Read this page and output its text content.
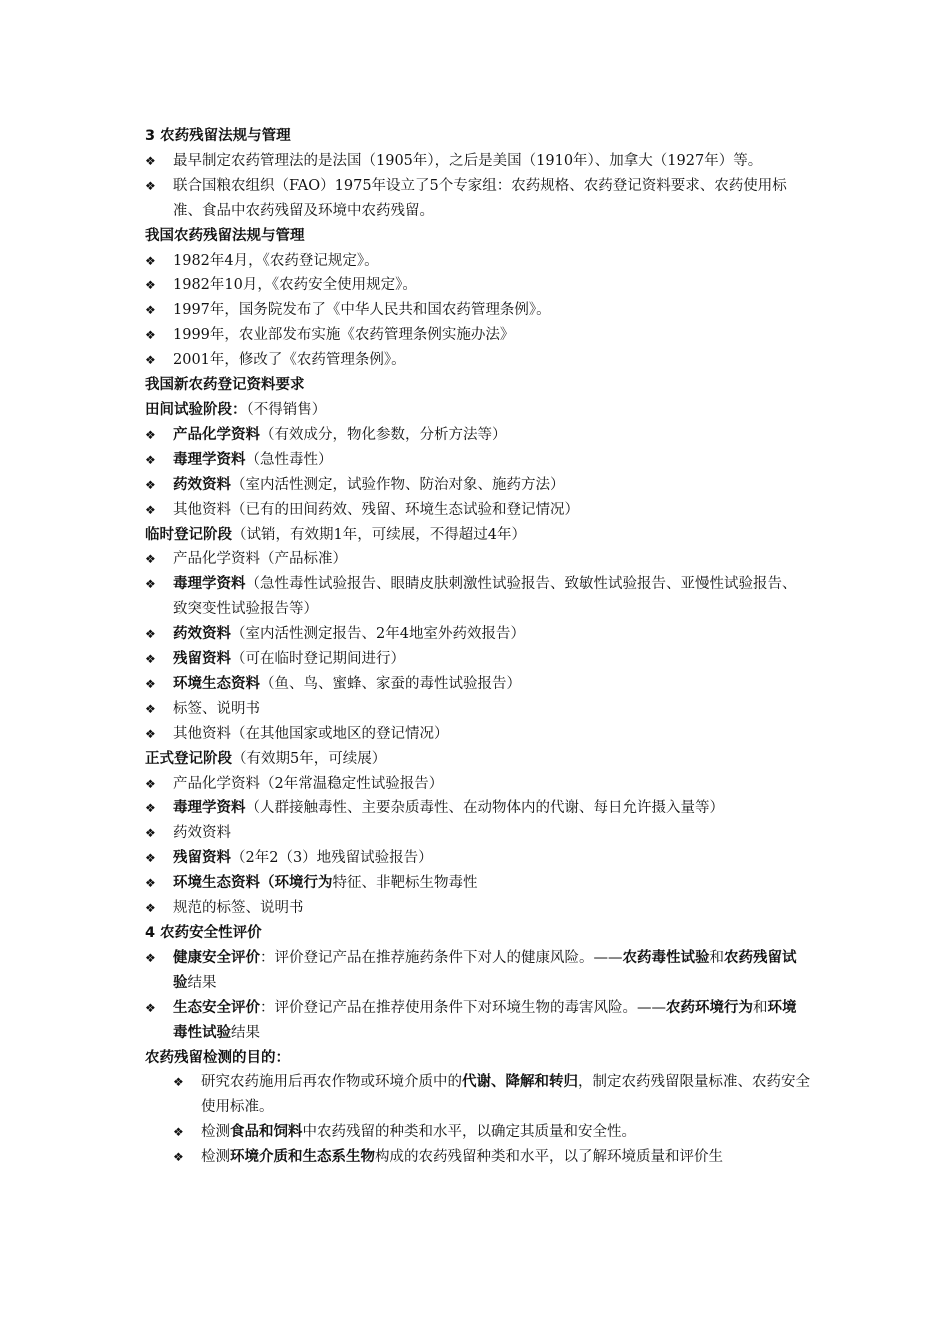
3 农药残留法规与管理
❖	最早制定农药管理法的是法国（1905年），之后是美国（1910年）、加拿大（1927年）等。
❖	联合国粮农组织（FAO）1975年设立了5个专家组：农药规格、农药登记资料要求、农药使用标准、食品中农药残留及环境中农药残留。
我国农药残留法规与管理
❖	1982年4月，《农药登记规定》。
❖	1982年10月，《农药安全使用规定》。
❖	1997年，国务院发布了《中华人民共和国农药管理条例》。
❖	1999年，农业部发布实施《农药管理条例实施办法》
❖	2001年，修改了《农药管理条例》。
我国新农药登记资料要求
田间试验阶段：（不得销售）
❖	产品化学资料（有效成分，物化参数，分析方法等）
❖	毒理学资料（急性毒性）
❖	药效资料（室内活性测定，试验作物、防治对象、施药方法）
❖	其他资料（已有的田间药效、残留、环境生态试验和登记情况）
临时登记阶段（试销，有效期1年，可续展，不得超过4年）
❖	产品化学资料（产品标准）
❖	毒理学资料（急性毒性试验报告、眼睛皮肤刺激性试验报告、致敏性试验报告、亚慢性试验报告、致突变性试验报告等）
❖	药效资料（室内活性测定报告、2年4地室外药效报告）
❖	残留资料（可在临时登记期间进行）
❖	环境生态资料（鱼、鸟、蜜蜂、家蚕的毒性试验报告）
❖	标签、说明书
❖	其他资料（在其他国家或地区的登记情况）
正式登记阶段（有效期5年，可续展）
❖	产品化学资料（2年常温稳定性试验报告）
❖	毒理学资料（人群接触毒性、主要杂质毒性、在动物体内的代谢、每日允许摄入量等）
❖	药效资料
❖	残留资料（2年2（3）地残留试验报告）
❖	环境生态资料（环境行为特征、非靶标生物毒性
❖	规范的标签、说明书
4 农药安全性评价
❖	健康安全评价：评价登记产品在推荐施药条件下对人的健康风险。——农药毒性试验和农药残留试验结果
❖	生态安全评价：评价登记产品在推荐使用条件下对环境生物的毒害风险。——农药环境行为和环境毒性试验结果
农药残留检测的目的：
❖	研究农药施用后再农作物或环境介质中的代谢、降解和转归，制定农药残留限量标准、农药安全使用标准。
❖	检测食品和饲料中农药残留的种类和水平，以确定其质量和安全性。
❖	检测环境介质和生态系生物构成的农药残留种类和水平，以了解环境质量和评价生
